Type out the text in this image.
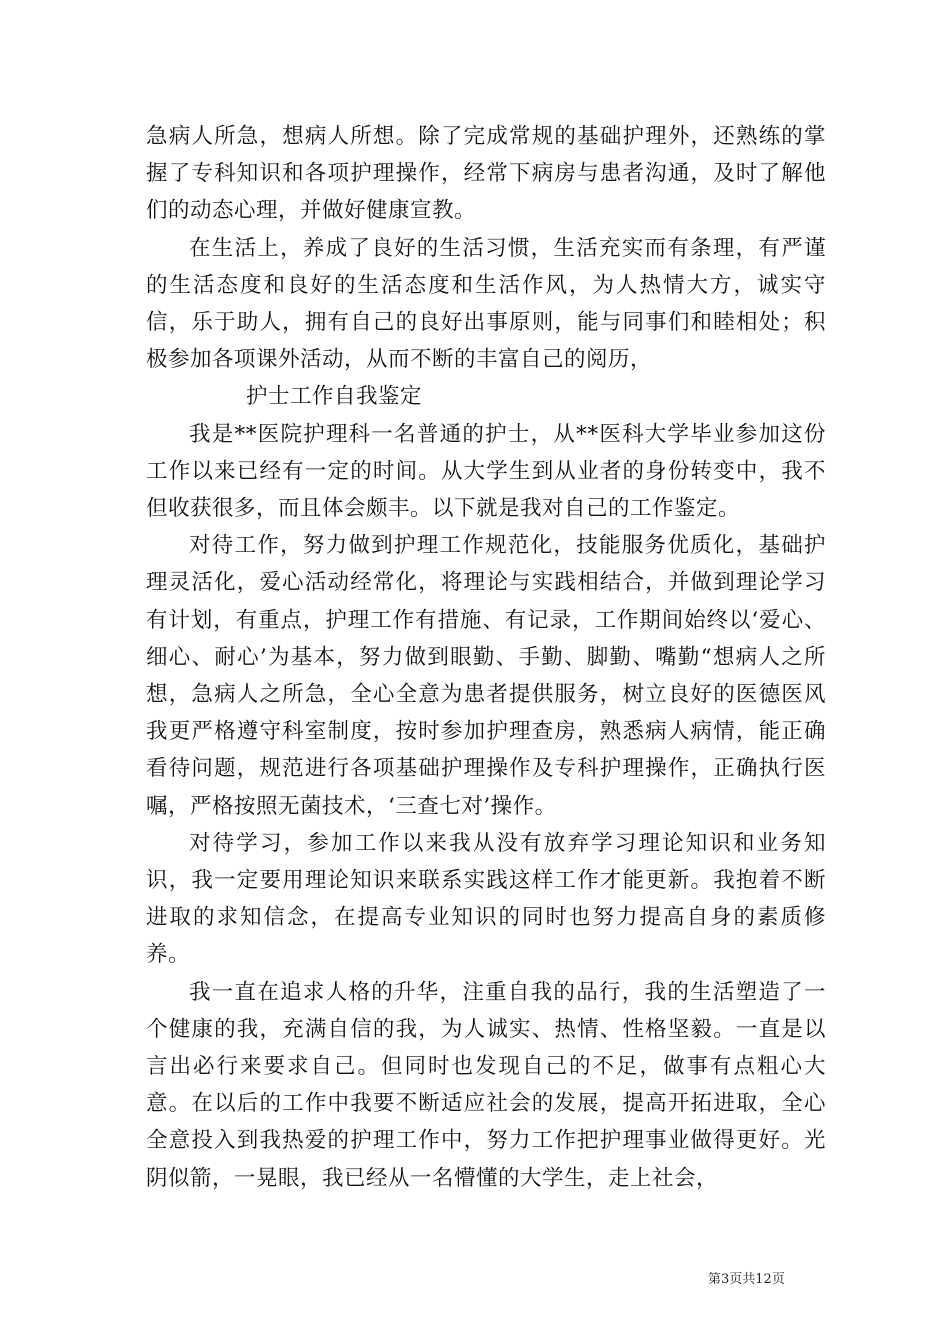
急病人所急，想病人所想。除了完成常规的基础护理外，还熟练的掌握了专科知识和各项护理操作，经常下病房与患者沟通，及时了解他们的动态心理，并做好健康宣教。

在生活上，养成了良好的生活习惯，生活充实而有条理，有严谨的生活态度和良好的生活态度和生活作风，为人热情大方，诚实守信，乐于助人，拥有自己的良好出事原则，能与同事们和睦相处；积极参加各项课外活动，从而不断的丰富自己的阅历，

护士工作自我鉴定

我是**医院护理科一名普通的护士，从**医科大学毕业参加这份工作以来已经有一定的时间。从大学生到从业者的身份转变中，我不但收获很多，而且体会颇丰。以下就是我对自己的工作鉴定。

对待工作，努力做到护理工作规范化，技能服务优质化，基础护理灵活化，爱心活动经常化，将理论与实践相结合，并做到理论学习有计划，有重点，护理工作有措施、有记录，工作期间始终以‘爱心、细心、耐心’为基本，努力做到眼勤、手勤、脚勤、嘴勤“想病人之所想，急病人之所急，全心全意为患者提供服务，树立良好的医德医风我更严格遵守科室制度，按时参加护理查房，熟悉病人病情，能正确看待问题，规范进行各项基础护理操作及专科护理操作，正确执行医嘱，严格按照无菌技术，‘三查七对’操作。

对待学习，参加工作以来我从没有放弃学习理论知识和业务知识，我一定要用理论知识来联系实践这样工作才能更新。我抱着不断进取的求知信念，在提高专业知识的同时也努力提高自身的素质修养。

我一直在追求人格的升华，注重自我的品行，我的生活塑造了一个健康的我，充满自信的我，为人诚实、热情、性格坚毅。一直是以言出必行来要求自己。但同时也发现自己的不足，做事有点粗心大意。在以后的工作中我要不断适应社会的发展，提高开拓进取，全心全意投入到我热爱的护理工作中，努力工作把护理事业做得更好。光阴似箭，一晃眼，我已经从一名懵懂的大学生，走上社会，

第3页共12页
